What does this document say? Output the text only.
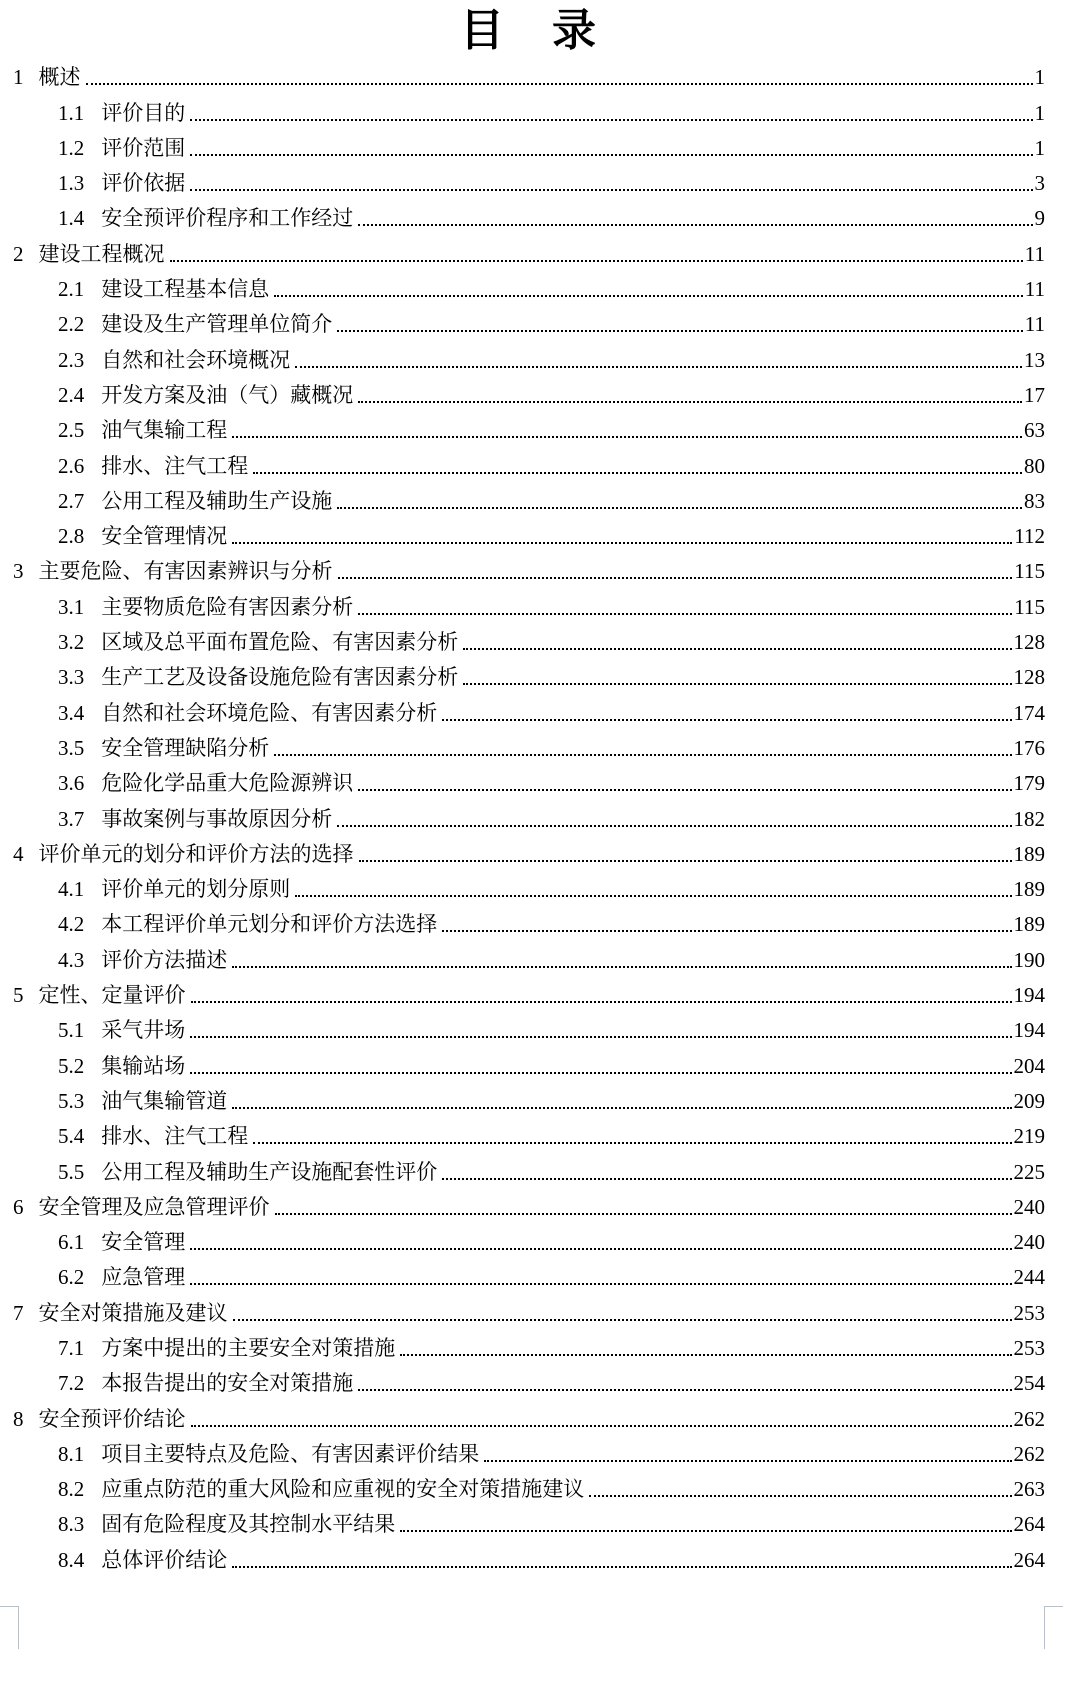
目　录
1 概述	1
1.1 评价目的	1
1.2 评价范围	1
1.3 评价依据	3
1.4 安全预评价程序和工作经过	9
2 建设工程概况	11
2.1 建设工程基本信息	11
2.2 建设及生产管理单位简介	11
2.3 自然和社会环境概况	13
2.4 开发方案及油（气）藏概况	17
2.5 油气集输工程	63
2.6 排水、注气工程	80
2.7 公用工程及辅助生产设施	83
2.8 安全管理情况	112
3 主要危险、有害因素辨识与分析	115
3.1 主要物质危险有害因素分析	115
3.2 区域及总平面布置危险、有害因素分析	128
3.3 生产工艺及设备设施危险有害因素分析	128
3.4 自然和社会环境危险、有害因素分析	174
3.5 安全管理缺陷分析	176
3.6 危险化学品重大危险源辨识	179
3.7 事故案例与事故原因分析	182
4 评价单元的划分和评价方法的选择	189
4.1 评价单元的划分原则	189
4.2 本工程评价单元划分和评价方法选择	189
4.3 评价方法描述	190
5 定性、定量评价	194
5.1 采气井场	194
5.2 集输站场	204
5.3 油气集输管道	209
5.4 排水、注气工程	219
5.5 公用工程及辅助生产设施配套性评价	225
6 安全管理及应急管理评价	240
6.1 安全管理	240
6.2 应急管理	244
7 安全对策措施及建议	253
7.1 方案中提出的主要安全对策措施	253
7.2 本报告提出的安全对策措施	254
8 安全预评价结论	262
8.1 项目主要特点及危险、有害因素评价结果	262
8.2 应重点防范的重大风险和应重视的安全对策措施建议	263
8.3 固有危险程度及其控制水平结果	264
8.4 总体评价结论	264
